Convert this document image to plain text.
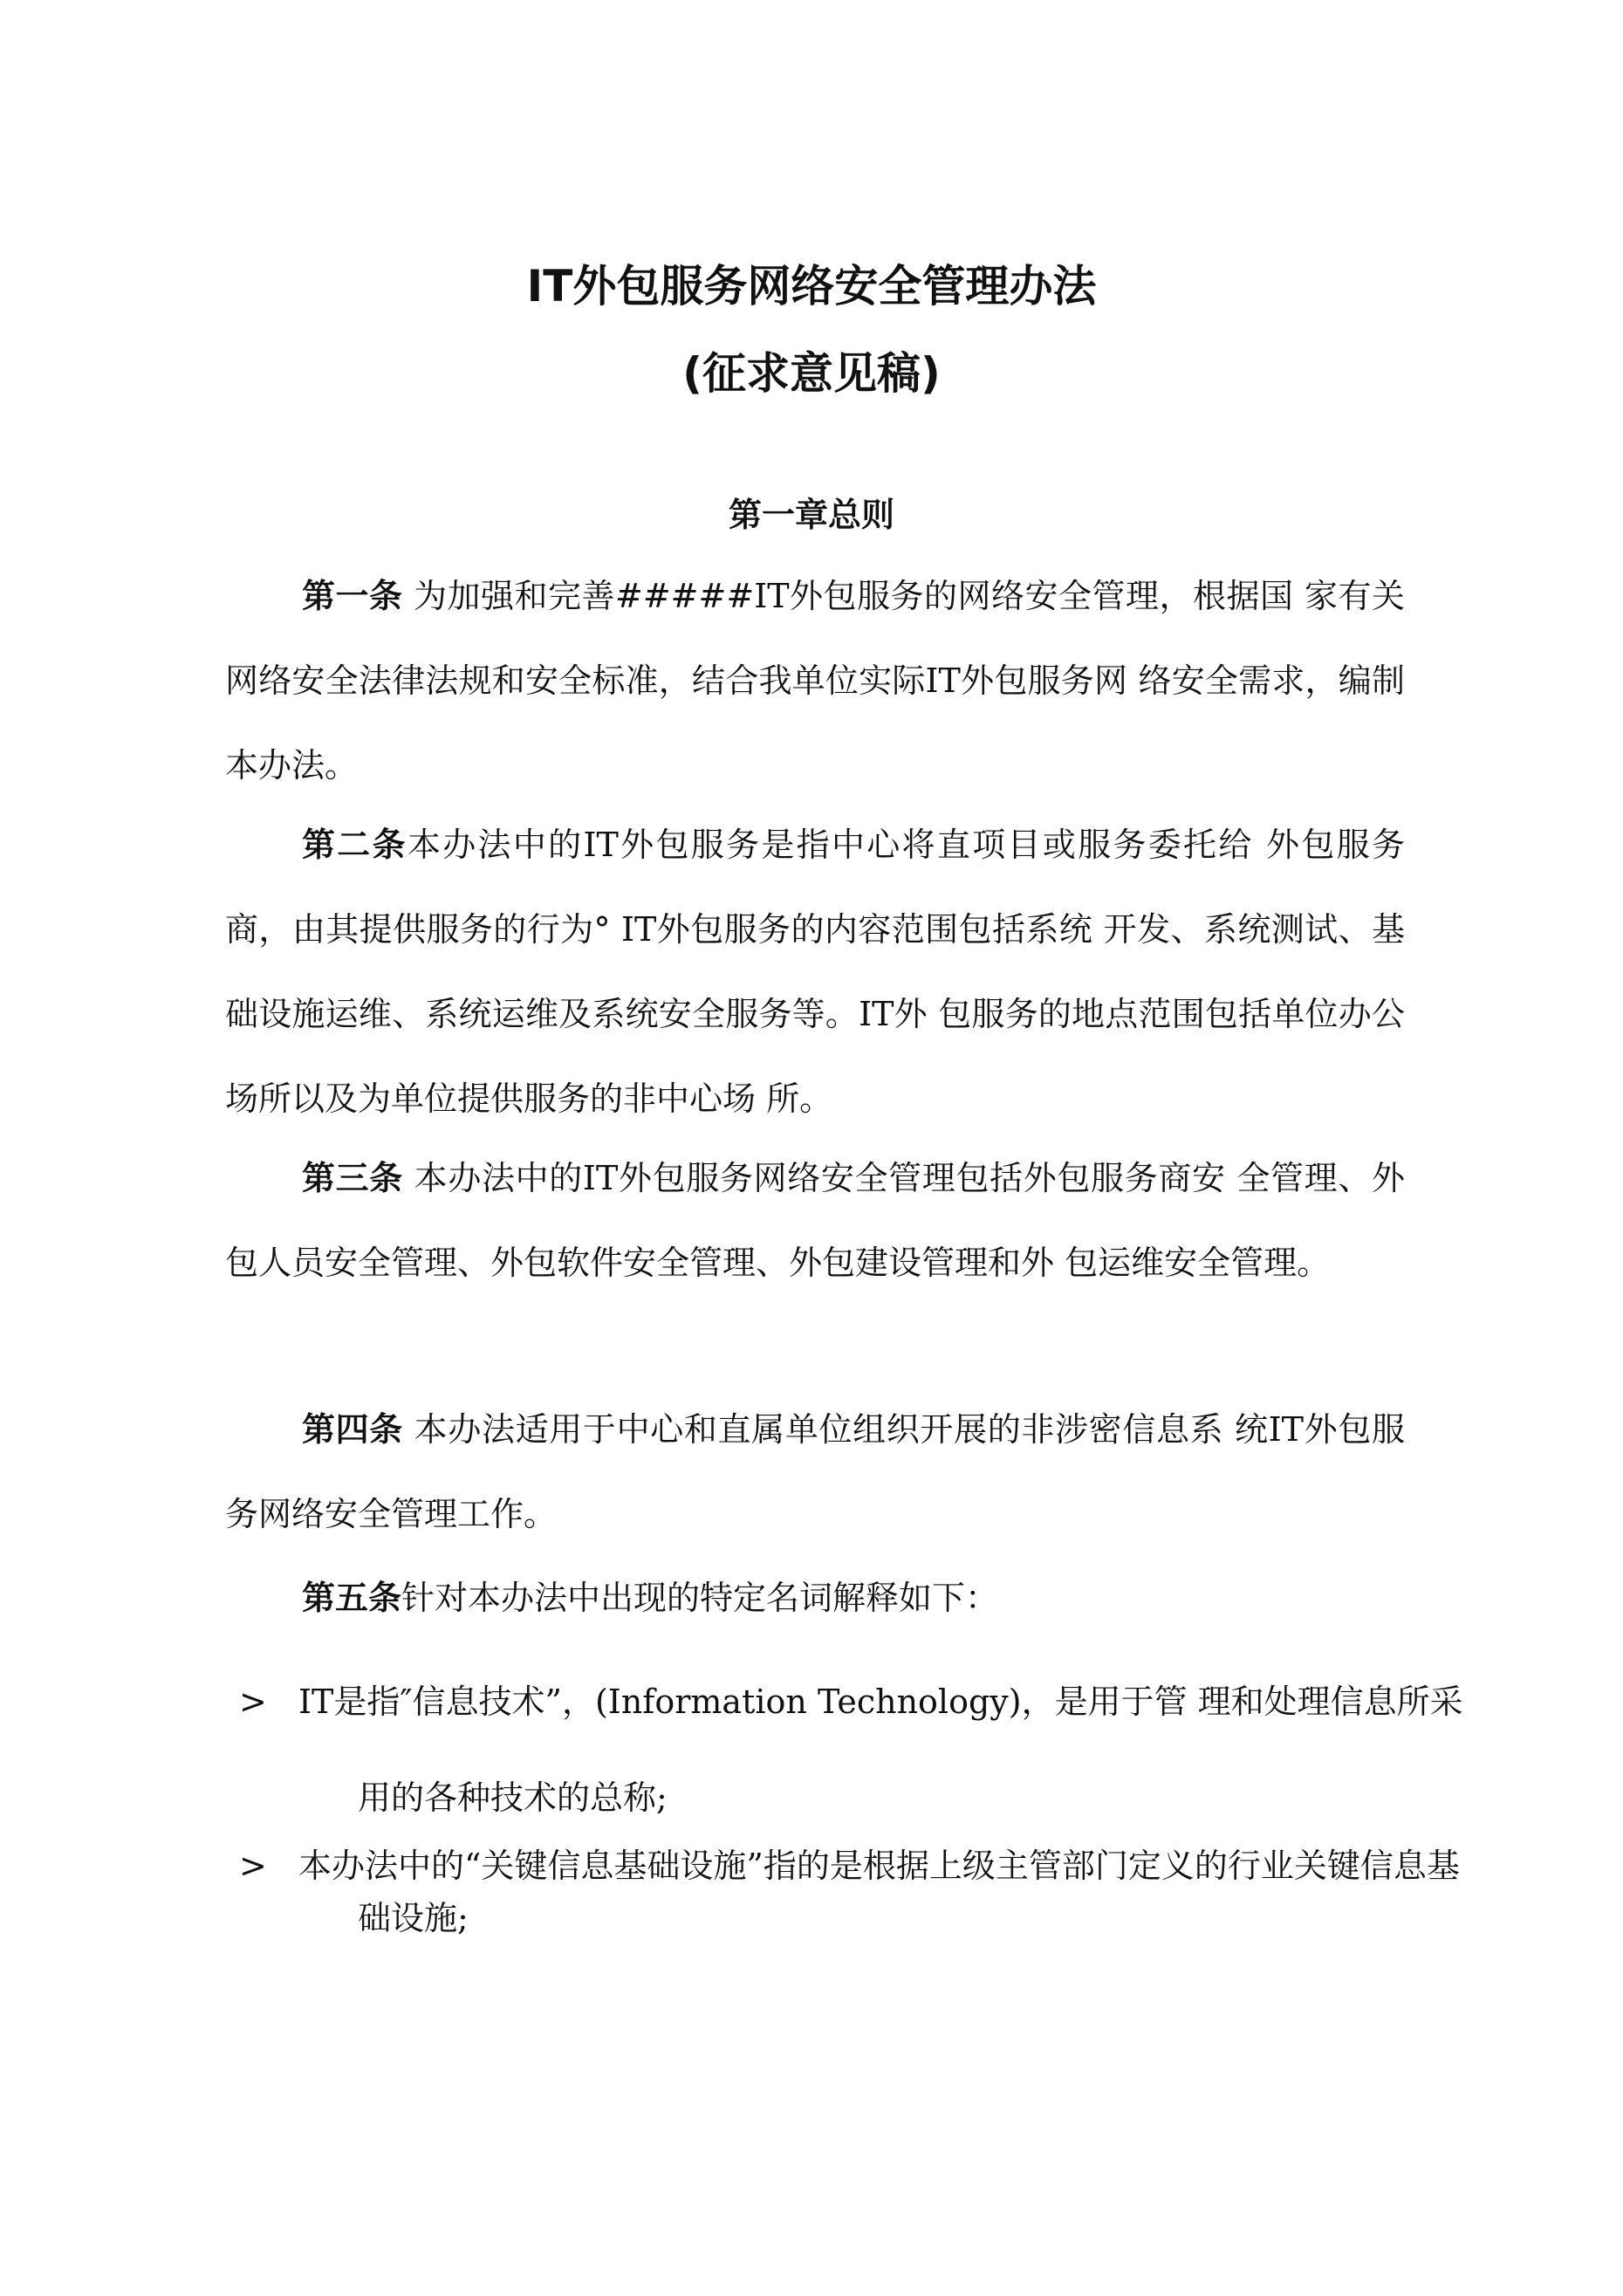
IT外包服务网络安全管理办法
(征求意见稿)
第一章总则

第一条 为加强和完善#####IT外包服务的网络安全管理，根据国 家有关网络安全法律法规和安全标准，结合我单位实际IT外包服务网 络安全需求，编制本办法。

第二条本办法中的IT外包服务是指中心将直项目或服务委托给 外包服务商，由其提供服务的行为° IT外包服务的内容范围包括系统 开发、系统测试、基础设施运维、系统运维及系统安全服务等。IT外 包服务的地点范围包括单位办公场所以及为单位提供服务的非中心场 所。

第三条 本办法中的IT外包服务网络安全管理包括外包服务商安 全管理、外包人员安全管理、外包软件安全管理、外包建设管理和外 包运维安全管理。

第四条 本办法适用于中心和直属单位组织开展的非涉密信息系 统IT外包服务网络安全管理工作。

第五条针对本办法中出现的特定名词解释如下：

>IT是指″信息技术”，(Information Technology)，是用于管 理和处理信息所采用的各种技术的总称;

> 本办法中的“关键信息基础设施”指的是根据上级主管部门定义的行业关键信息基础设施;
